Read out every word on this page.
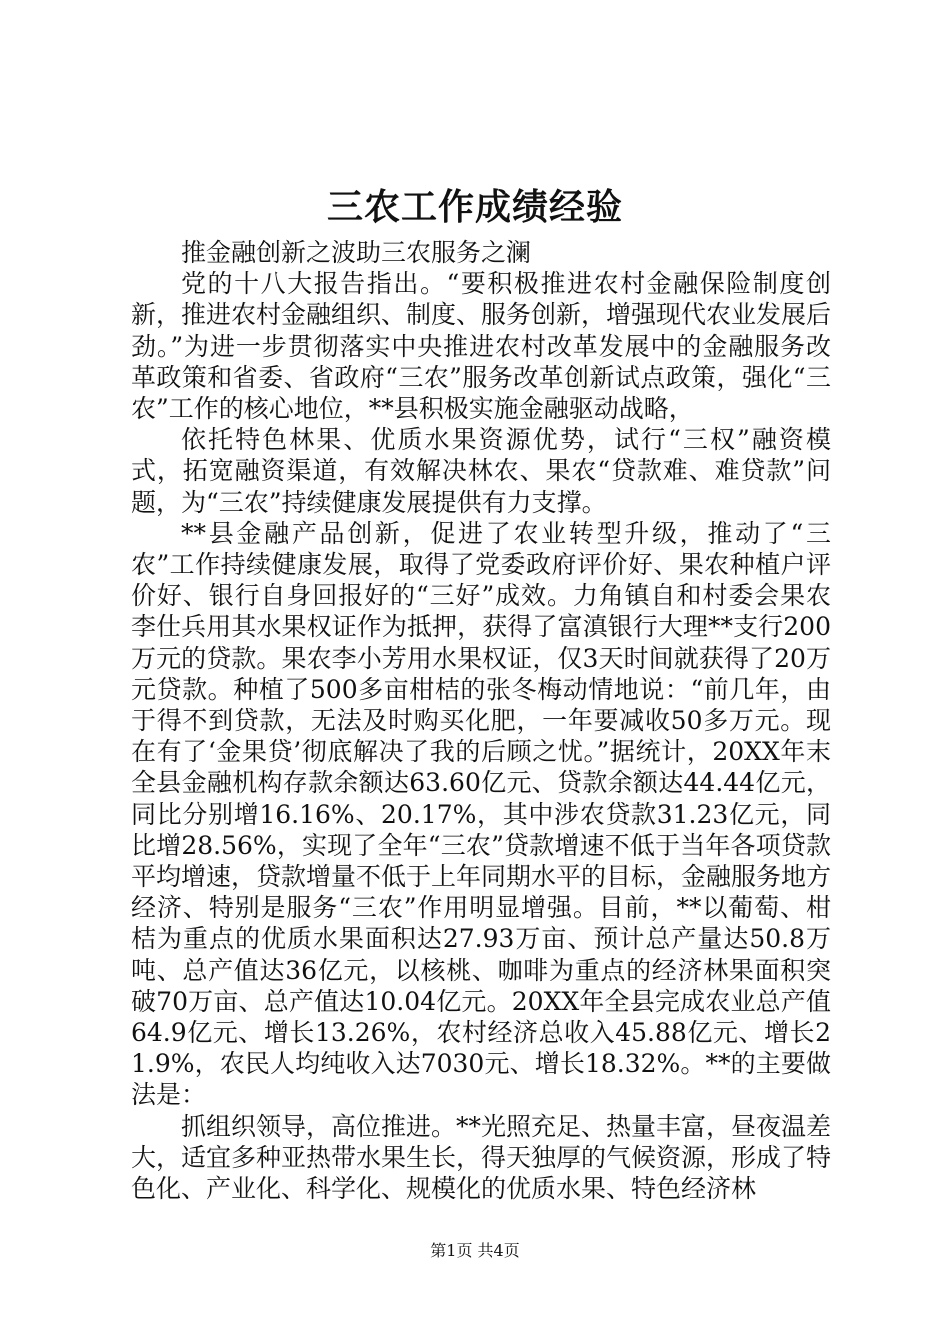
三农工作成绩经验

推金融创新之波助三农服务之澜

党的十八大报告指出。“要积极推进农村金融保险制度创新，推进农村金融组织、制度、服务创新，增强现代农业发展后劲。”为进一步贯彻落实中央推进农村改革发展中的金融服务改革政策和省委、省政府“三农”服务改革创新试点政策，强化“三农”工作的核心地位，**县积极实施金融驱动战略，

依托特色林果、优质水果资源优势，试行“三权”融资模式，拓宽融资渠道，有效解决林农、果农“贷款难、难贷款”问题，为“三农”持续健康发展提供有力支撑。

**县金融产品创新，促进了农业转型升级，推动了“三农”工作持续健康发展，取得了党委政府评价好、果农种植户评价好、银行自身回报好的“三好”成效。力角镇自和村委会果农李仕兵用其水果权证作为抵押，获得了富滇银行大理**支行200万元的贷款。果农李小芳用水果权证，仅3天时间就获得了20万元贷款。种植了500多亩柑桔的张冬梅动情地说：“前几年，由于得不到贷款，无法及时购买化肥，一年要减收50多万元。现在有了‘金果贷’彻底解决了我的后顾之忧。”据统计，20XX年末全县金融机构存款余额达63.60亿元、贷款余额达44.44亿元，同比分别增16.16%、20.17%，其中涉农贷款31.23亿元，同比增28.56%，实现了全年“三农”贷款增速不低于当年各项贷款平均增速，贷款增量不低于上年同期水平的目标，金融服务地方经济、特别是服务“三农”作用明显增强。目前，**以葡萄、柑桔为重点的优质水果面积达27.93万亩、预计总产量达50.8万吨、总产值达36亿元，以核桃、咖啡为重点的经济林果面积突破70万亩、总产值达10.04亿元。20XX年全县完成农业总产值64.9亿元、增长13.26%，农村经济总收入45.88亿元、增长21.9%，农民人均纯收入达7030元、增长18.32%。**的主要做法是：

抓组织领导，高位推进。**光照充足、热量丰富，昼夜温差大，适宜多种亚热带水果生长，得天独厚的气候资源，形成了特色化、产业化、科学化、规模化的优质水果、特色经济林

第1页 共4页
